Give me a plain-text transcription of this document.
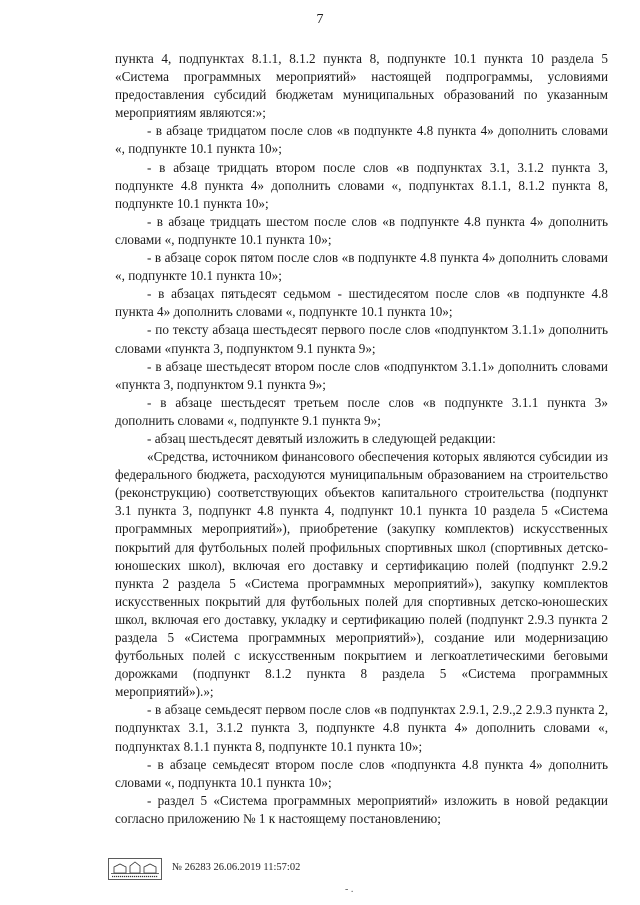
7

пункта 4, подпунктах 8.1.1, 8.1.2 пункта 8, подпункте 10.1 пункта 10 раздела 5 «Система программных мероприятий» настоящей подпрограммы, условиями предоставления субсидий бюджетам муниципальных образований по указанным мероприятиям являются:»;

- в абзаце тридцатом после слов «в подпункте 4.8 пункта 4» дополнить словами «, подпункте 10.1 пункта 10»;

- в абзаце тридцать втором после слов «в подпунктах 3.1, 3.1.2 пункта 3, подпункте 4.8 пункта 4» дополнить словами «, подпунктах 8.1.1, 8.1.2 пункта 8, подпункте 10.1 пункта 10»;

- в абзаце тридцать шестом после слов «в подпункте 4.8 пункта 4» дополнить словами «, подпункте 10.1 пункта 10»;

- в абзаце сорок пятом после слов «в подпункте 4.8 пункта 4» дополнить словами «, подпункте 10.1 пункта 10»;

- в абзацах пятьдесят седьмом - шестидесятом после слов «в подпункте 4.8 пункта 4» дополнить словами «, подпункте 10.1 пункта 10»;

- по тексту абзаца шестьдесят первого после слов «подпунктом 3.1.1» дополнить словами «пункта 3, подпунктом 9.1 пункта 9»;

- в абзаце шестьдесят втором после слов «подпунктом 3.1.1» дополнить словами «пункта 3, подпунктом 9.1 пункта 9»;

- в абзаце шестьдесят третьем после слов «в подпункте 3.1.1 пункта 3» дополнить словами «, подпункте 9.1 пункта 9»;

- абзац шестьдесят девятый изложить в следующей редакции:

«Средства, источником финансового обеспечения которых являются субсидии из федерального бюджета, расходуются муниципальным образованием на строительство (реконструкцию) соответствующих объектов капитального строительства (подпункт 3.1 пункта 3, подпункт 4.8 пункта 4, подпункт 10.1 пункта 10 раздела 5 «Система программных мероприятий»), приобретение (закупку комплектов) искусственных покрытий для футбольных полей профильных спортивных школ (спортивных детско-юношеских школ), включая его доставку и сертификацию полей (подпункт 2.9.2 пункта 2 раздела 5 «Система программных мероприятий»), закупку комплектов искусственных покрытий для футбольных полей для спортивных детско-юношеских школ, включая его доставку, укладку и сертификацию полей (подпункт 2.9.3 пункта 2 раздела 5 «Система программных мероприятий»), создание или модернизацию футбольных полей с искусственным покрытием и легкоатлетическими беговыми дорожками (подпункт 8.1.2 пункта 8 раздела 5 «Система программных мероприятий»).»;

- в абзаце семьдесят первом после слов «в подпунктах 2.9.1, 2.9.,2 2.9.3 пункта 2, подпунктах 3.1, 3.1.2 пункта 3, подпункте 4.8 пункта 4» дополнить словами «, подпунктах 8.1.1 пункта 8, подпункте 10.1 пункта 10»;

- в абзаце семьдесят втором после слов «подпункта 4.8 пункта 4» дополнить словами «, подпункта 10.1 пункта 10»;

- раздел 5 «Система программных мероприятий» изложить в новой редакции согласно приложению № 1 к настоящему постановлению;

№ 26283 26.06.2019 11:57:02
- .
